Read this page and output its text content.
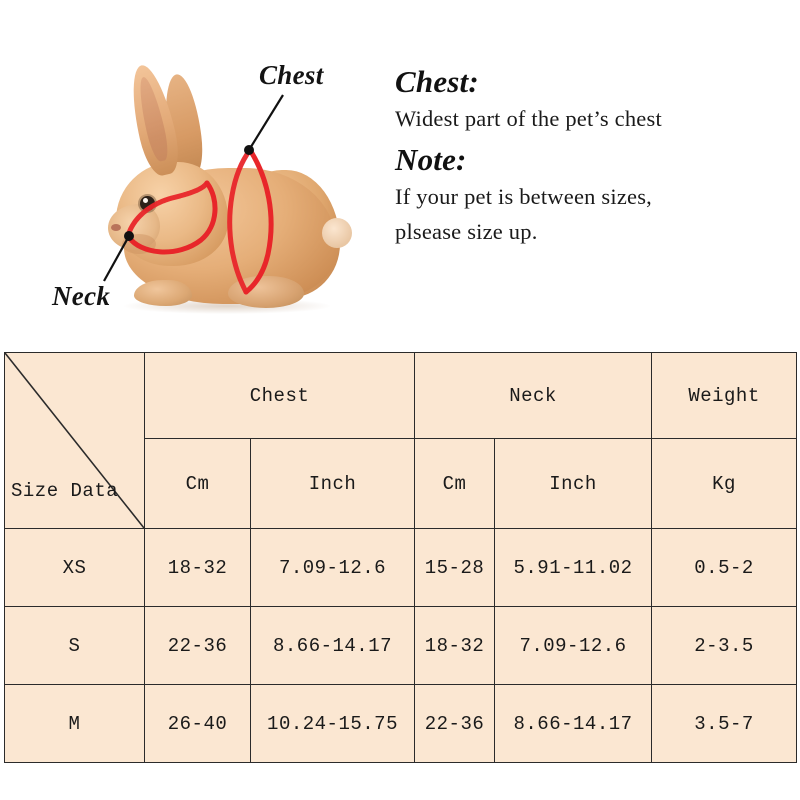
Chest
Neck

Chest:

Widest part of the pet’s chest

Note:

If your pet is between sizes,

plsease size up.

Size Data	Chest		Neck		Weight
	Cm	Inch	Cm	Inch	Kg
XS	18-32	7.09-12.6	15-28	5.91-11.02	0.5-2
S	22-36	8.66-14.17	18-32	7.09-12.6	2-3.5
M	26-40	10.24-15.75	22-36	8.66-14.17	3.5-7
